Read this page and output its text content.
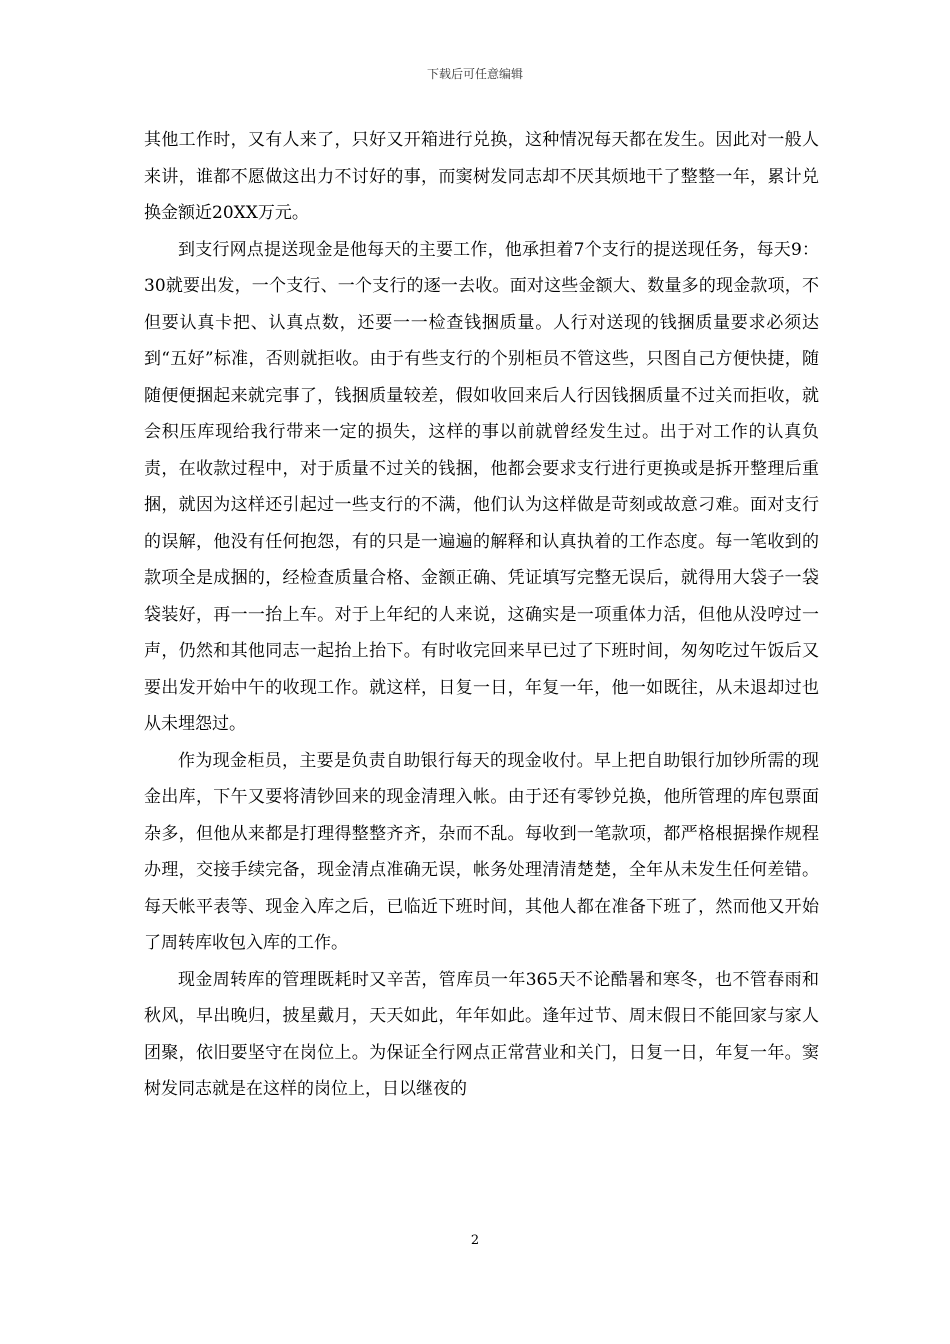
下载后可任意编辑

其他工作时，又有人来了，只好又开箱进行兑换，这种情况每天都在发生。因此对一般人来讲，谁都不愿做这出力不讨好的事，而窦树发同志却不厌其烦地干了整整一年，累计兑换金额近20XX万元。

到支行网点提送现金是他每天的主要工作，他承担着7个支行的提送现任务，每天9：30就要出发，一个支行、一个支行的逐一去收。面对这些金额大、数量多的现金款项，不但要认真卡把、认真点数，还要一一检查钱捆质量。人行对送现的钱捆质量要求必须达到“五好”标准，否则就拒收。由于有些支行的个别柜员不管这些，只图自己方便快捷，随随便便捆起来就完事了，钱捆质量较差，假如收回来后人行因钱捆质量不过关而拒收，就会积压库现给我行带来一定的损失，这样的事以前就曾经发生过。出于对工作的认真负责，在收款过程中，对于质量不过关的钱捆，他都会要求支行进行更换或是拆开整理后重捆，就因为这样还引起过一些支行的不满，他们认为这样做是苛刻或故意刁难。面对支行的误解，他没有任何抱怨，有的只是一遍遍的解释和认真执着的工作态度。每一笔收到的款项全是成捆的，经检查质量合格、金额正确、凭证填写完整无误后，就得用大袋子一袋袋装好，再一一抬上车。对于上年纪的人来说，这确实是一项重体力活，但他从没哼过一声，仍然和其他同志一起抬上抬下。有时收完回来早已过了下班时间，匆匆吃过午饭后又要出发开始中午的收现工作。就这样，日复一日，年复一年，他一如既往，从未退却过也从未埋怨过。

作为现金柜员，主要是负责自助银行每天的现金收付。早上把自助银行加钞所需的现金出库，下午又要将清钞回来的现金清理入帐。由于还有零钞兑换，他所管理的库包票面杂多，但他从来都是打理得整整齐齐，杂而不乱。每收到一笔款项，都严格根据操作规程办理，交接手续完备，现金清点准确无误，帐务处理清清楚楚，全年从未发生任何差错。每天帐平表等、现金入库之后，已临近下班时间，其他人都在准备下班了，然而他又开始了周转库收包入库的工作。

现金周转库的管理既耗时又辛苦，管库员一年365天不论酷暑和寒冬，也不管春雨和秋风，早出晚归，披星戴月，天天如此，年年如此。逢年过节、周末假日不能回家与家人团聚，依旧要坚守在岗位上。为保证全行网点正常营业和关门，日复一日，年复一年。窦树发同志就是在这样的岗位上，日以继夜的

2
